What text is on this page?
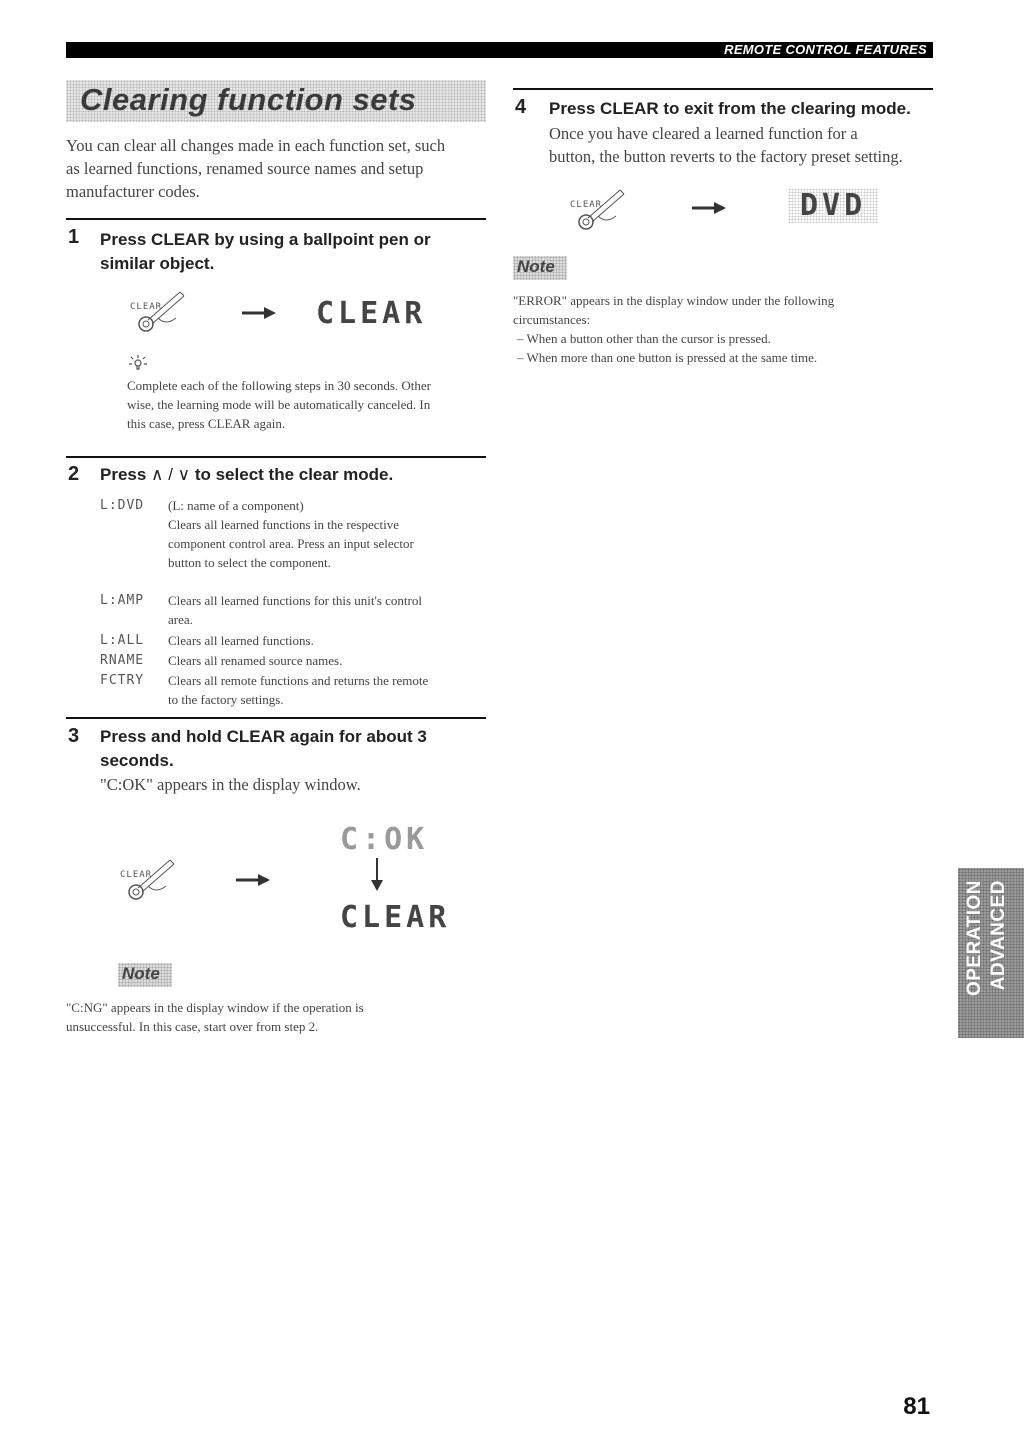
REMOTE CONTROL FEATURES
Clearing function sets
You can clear all changes made in each function set, such
as learned functions, renamed source names and setup
manufacturer codes.
1 Press CLEAR by using a ballpoint pen or
similar object.
CLEAR	CLEAR
Complete each of the following steps in 30 seconds. Other
wise, the learning mode will be automatically canceled. In
this case, press CLEAR again.
2 Press ∧ / ∨ to select the clear mode.
L:DVD (L: name of a component)
Clears all learned functions in the respective
component control area. Press an input selector
button to select the component.
L:AMP Clears all learned functions for this unit's control
area.
L:ALL Clears all learned functions.
RNAME Clears all renamed source names.
FCTRY Clears all remote functions and returns the remote
to the factory settings.
3 Press and hold CLEAR again for about 3
seconds.
"C:OK" appears in the display window.
C:OK
CLEAR
CLEAR
Note
"C:NG" appears in the display window if the operation is
unsuccessful. In this case, start over from step 2.
4 Press CLEAR to exit from the clearing mode.
Once you have cleared a learned function for a
button, the button reverts to the factory preset setting.
CLEAR	DVD
Note
"ERROR" appears in the display window under the following
circumstances:
– When a button other than the cursor is pressed.
– When more than one button is pressed at the same time.
OPERATION ADVANCED
81
